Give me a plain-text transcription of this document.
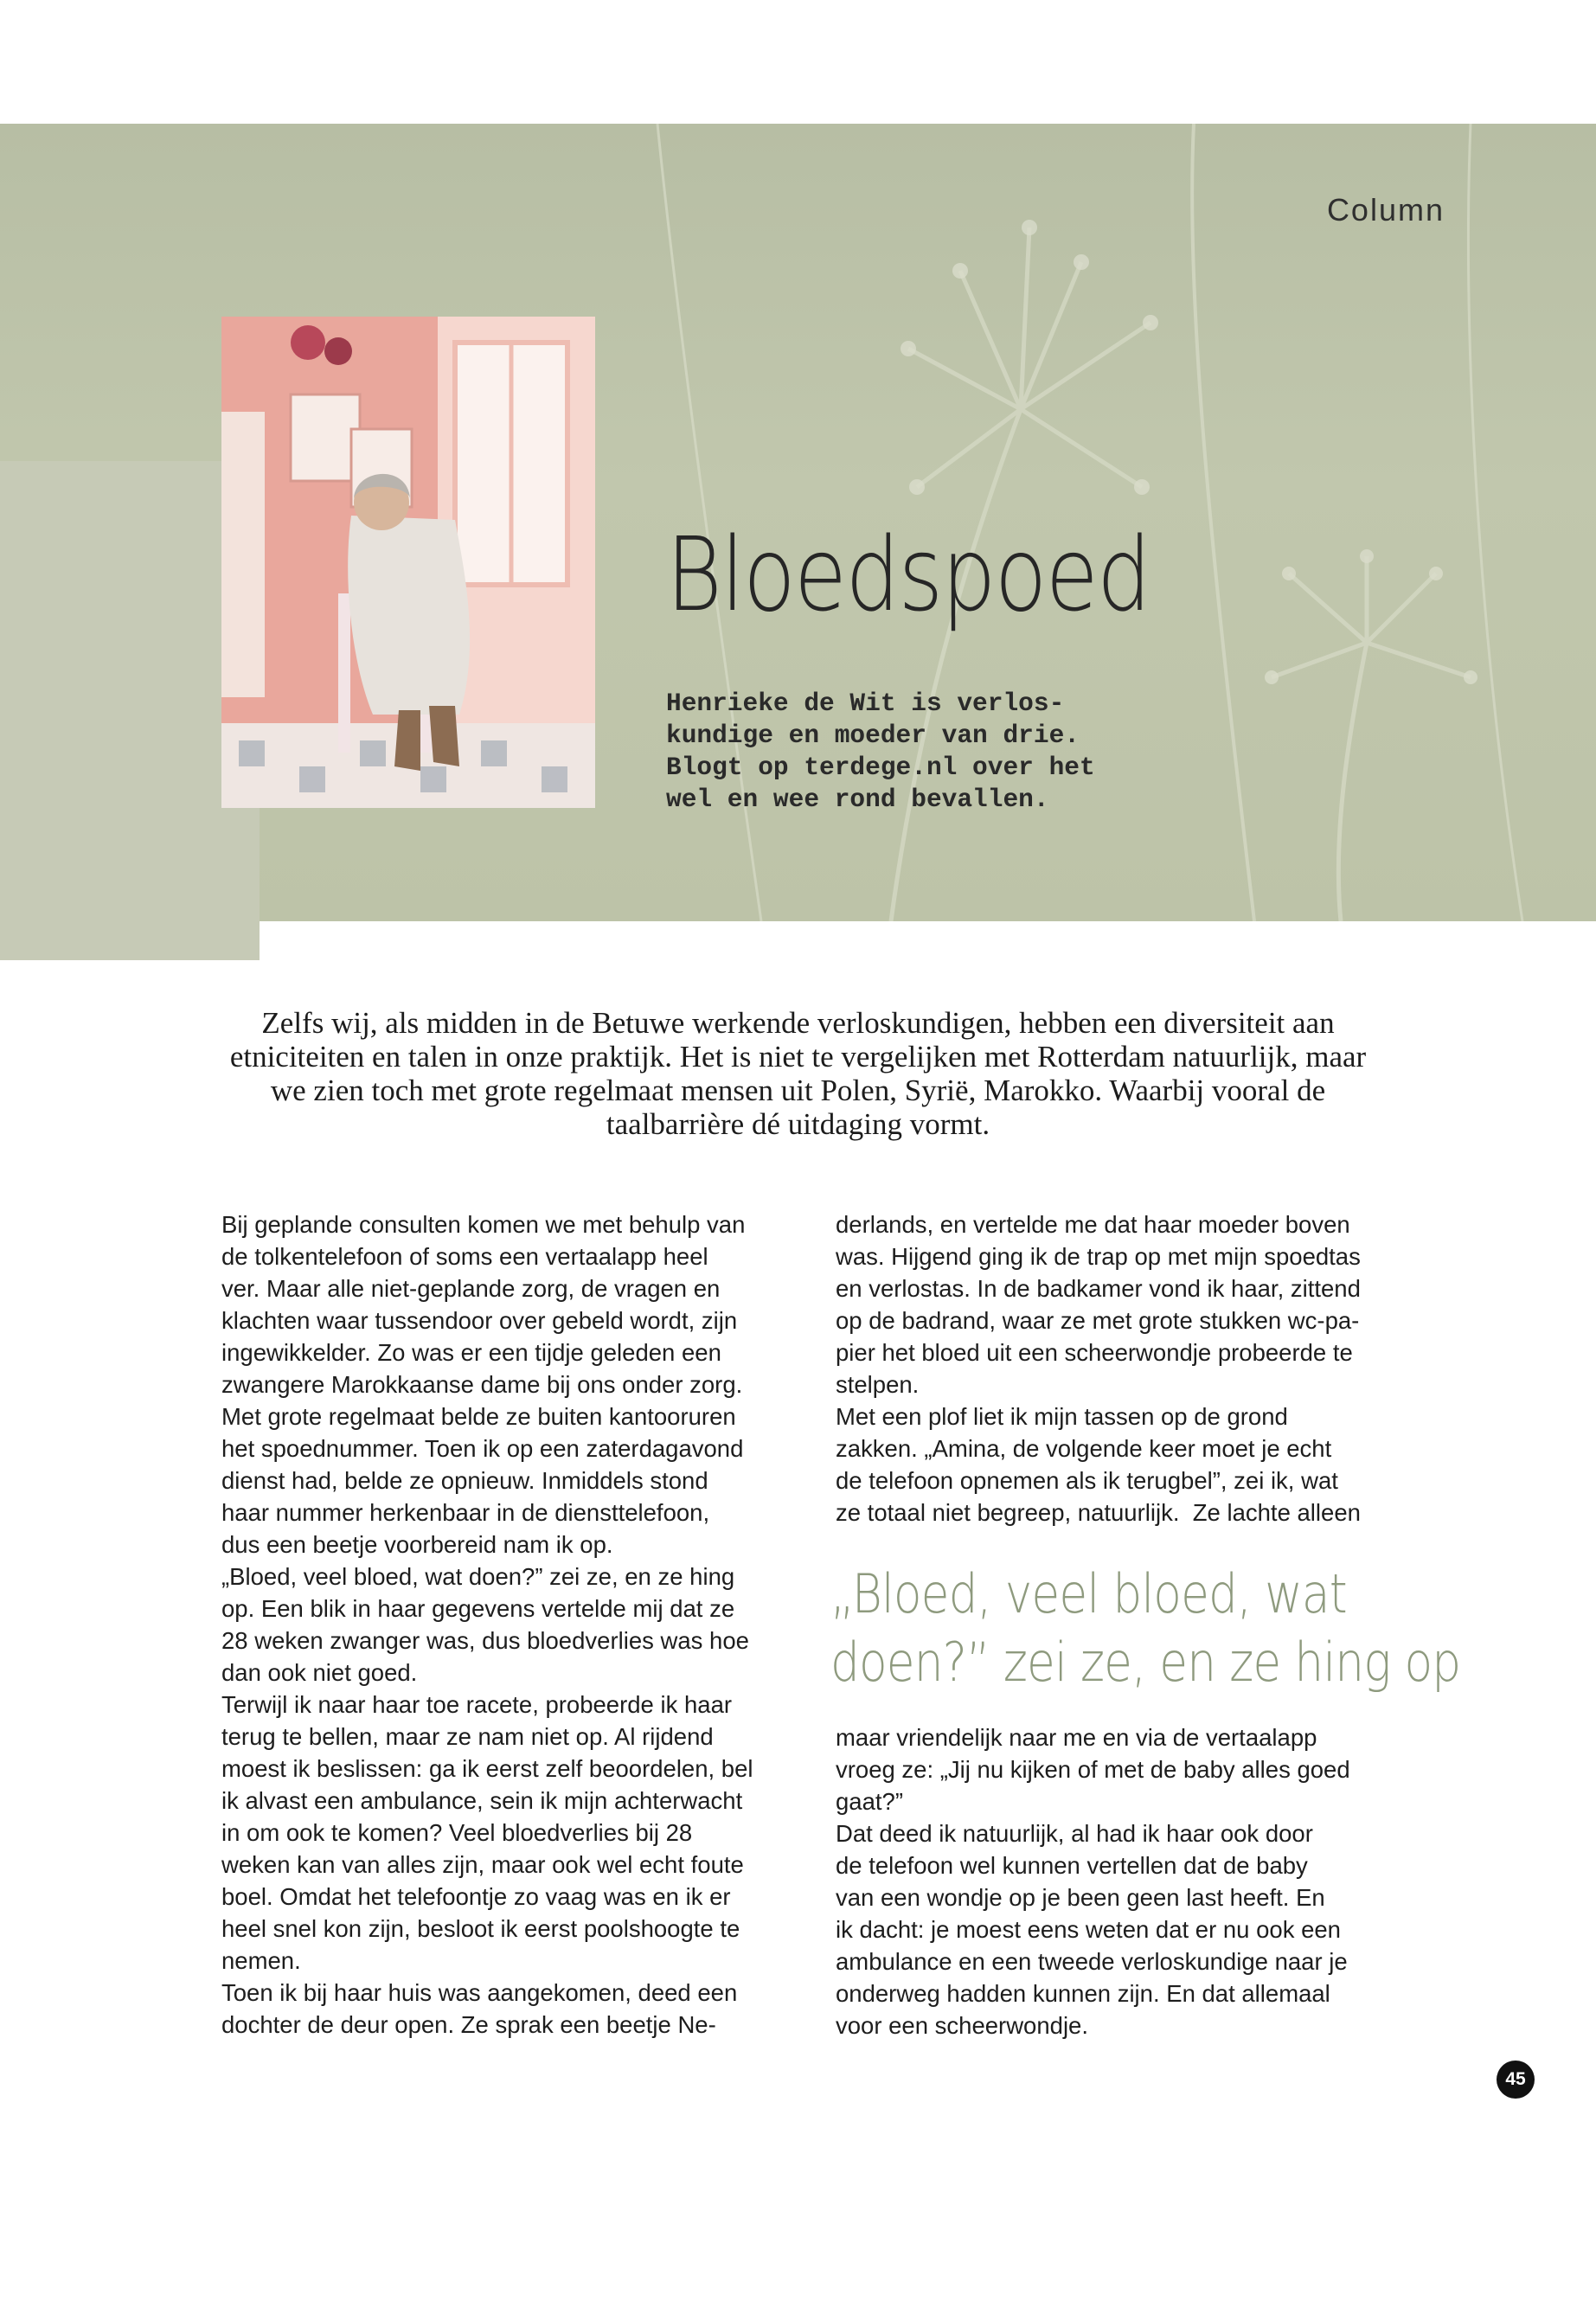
Column
Bloedspoed
Henrieke de Wit is verlos-
kundige en moeder van drie.
Blogt op terdege.nl over het
wel en wee rond bevallen.
Zelfs wij, als midden in de Betuwe werkende verloskundigen, hebben een diversiteit aan etniciteiten en talen in onze praktijk. Het is niet te vergelijken met Rotterdam natuurlijk, maar we zien toch met grote regelmaat mensen uit Polen, Syrië, Marokko. Waarbij vooral de taalbarrière dé uitdaging vormt.
Bij geplande consulten komen we met behulp van
de tolkentelefoon of soms een vertaalapp heel
ver. Maar alle niet-geplande zorg, de vragen en
klachten waar tussendoor over gebeld wordt, zijn
ingewikkelder. Zo was er een tijdje geleden een
zwangere Marokkaanse dame bij ons onder zorg.
Met grote regelmaat belde ze buiten kantooruren
het spoednummer. Toen ik op een zaterdagavond
dienst had, belde ze opnieuw. Inmiddels stond
haar nummer herkenbaar in de diensttelefoon,
dus een beetje voorbereid nam ik op.
„Bloed, veel bloed, wat doen?” zei ze, en ze hing
op. Een blik in haar gegevens vertelde mij dat ze
28 weken zwanger was, dus bloedverlies was hoe
dan ook niet goed.
Terwijl ik naar haar toe racete, probeerde ik haar
terug te bellen, maar ze nam niet op. Al rijdend
moest ik beslissen: ga ik eerst zelf beoordelen, bel
ik alvast een ambulance, sein ik mijn achterwacht
in om ook te komen? Veel bloedverlies bij 28
weken kan van alles zijn, maar ook wel echt foute
boel. Omdat het telefoontje zo vaag was en ik er
heel snel kon zijn, besloot ik eerst poolshoogte te
nemen.
Toen ik bij haar huis was aangekomen, deed een
dochter de deur open. Ze sprak een beetje Ne-
derlands, en vertelde me dat haar moeder boven
was. Hijgend ging ik de trap op met mijn spoedtas
en verlostas. In de badkamer vond ik haar, zittend
op de badrand, waar ze met grote stukken wc-pa-
pier het bloed uit een scheerwondje probeerde te
stelpen.
Met een plof liet ik mijn tassen op de grond
zakken. „Amina, de volgende keer moet je echt
de telefoon opnemen als ik terugbel”, zei ik, wat
ze totaal niet begreep, natuurlijk.  Ze lachte alleen
„Bloed, veel bloed, wat
doen?” zei ze, en ze hing op
maar vriendelijk naar me en via de vertaalapp
vroeg ze: „Jij nu kijken of met de baby alles goed
gaat?”
Dat deed ik natuurlijk, al had ik haar ook door
de telefoon wel kunnen vertellen dat de baby
van een wondje op je been geen last heeft. En
ik dacht: je moest eens weten dat er nu ook een
ambulance en een tweede verloskundige naar je
onderweg hadden kunnen zijn. En dat allemaal
voor een scheerwondje.
45
